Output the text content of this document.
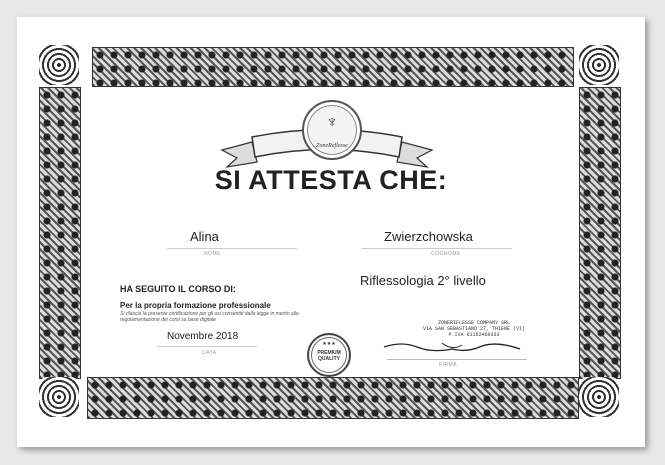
♆
ZoneReflesse
SI ATTESTA CHE:
Alina
NOME
Zwierzchowska
COGNOME
HA SEGUITO IL CORSO DI:
Riflessologia 2° livello
Per la propria formazione professionale
Si rilascia la presente certificazione per gli usi consentiti dalla legge in merito alla regolamentazione dei corsi su base digitale
Novembre 2018
DATA
★★★
PREMIUM QUALITY
ZONERIFLESSE COMPANY SRL
VIA SAN SEBASTIANO 27, THIENE (VI)
P.IVA 01162460333
FIRMA
